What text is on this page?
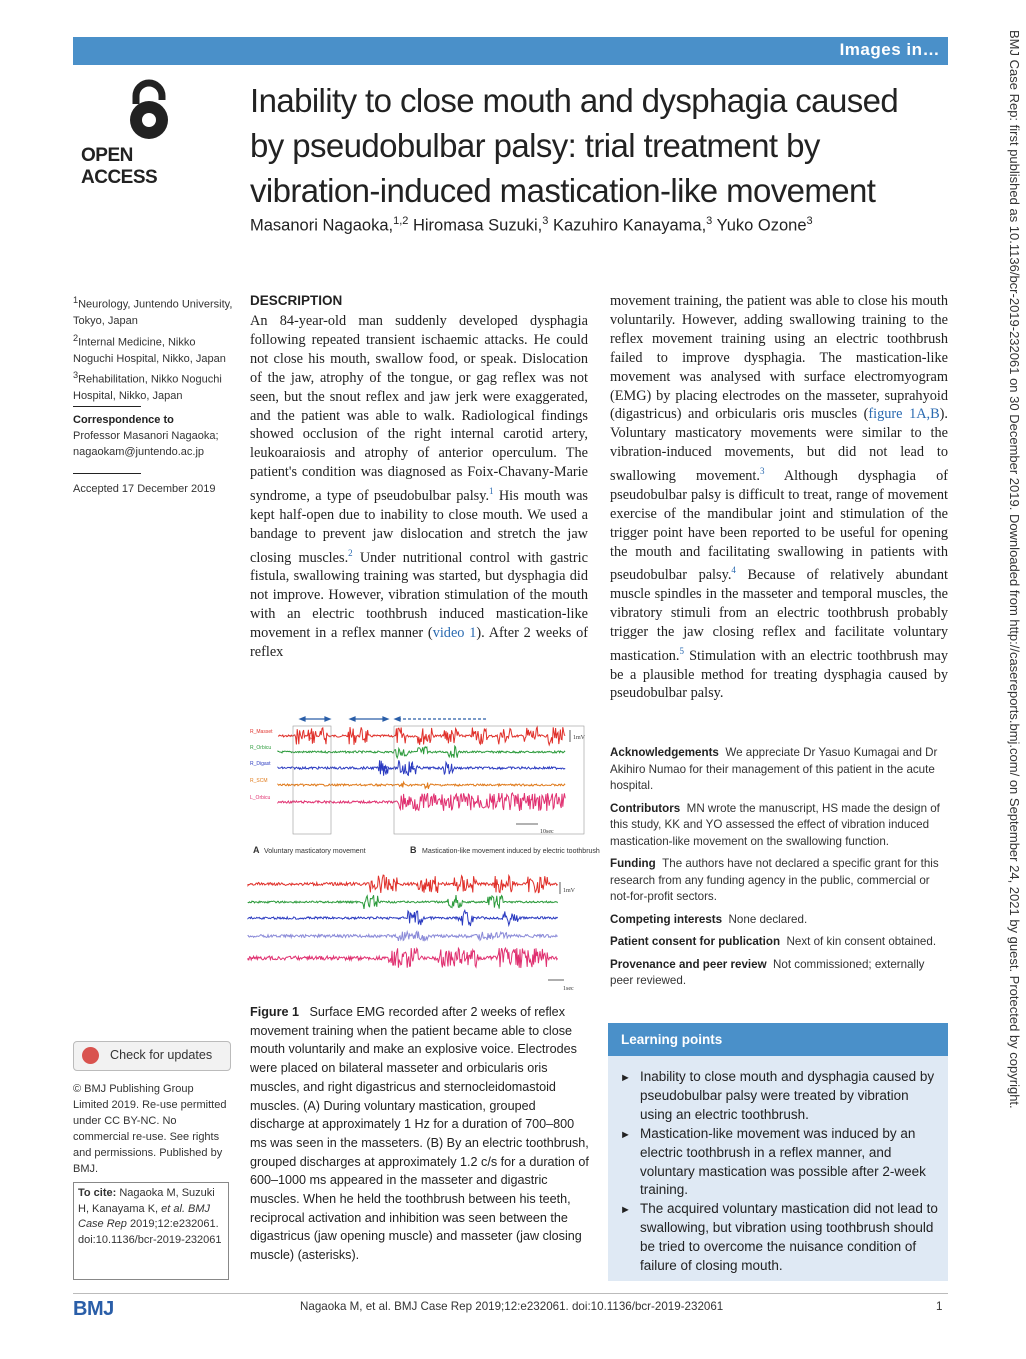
Images in…
OPEN ACCESS
Inability to close mouth and dysphagia caused by pseudobulbar palsy: trial treatment by vibration-induced mastication-like movement
Masanori Nagaoka,$^{1,2}$ Hiromasa Suzuki,$^3$ Kazuhiro Kanayama,$^3$ Yuko Ozone$^3$

$^1$Neurology, Juntendo University, Tokyo, Japan

$^2$Internal Medicine, Nikko Noguchi Hospital, Nikko, Japan

$^3$Rehabilitation, Nikko Noguchi Hospital, Nikko, Japan

Correspondence to
Professor Masanori Nagaoka;
nagaokam@juntendo.ac.jp
Accepted 17 December 2019
DESCRIPTION
An 84-year-old man suddenly developed dysphagia following repeated transient ischaemic attacks. He could not close his mouth, swallow food, or speak. Dislocation of the jaw, atrophy of the tongue, or gag reflex was not seen, but the snout reflex and jaw jerk were exaggerated, and the patient was able to walk. Radiological findings showed occlusion of the right internal carotid artery, leukoaraiosis and atrophy of anterior operculum. The patient's condition was diagnosed as Foix-Chavany-Marie syndrome, a type of pseudobulbar palsy.$^1$ His mouth was kept half-open due to inability to close mouth. We used a bandage to prevent jaw dislocation and stretch the jaw closing muscles.$^2$ Under nutritional control with gastric fistula, swallowing training was started, but dysphagia did not improve. However, vibration stimulation of the mouth with an electric toothbrush induced mastication-like movement in a reflex manner (video 1). After 2 weeks of reflex
R_Masset
R_Orbicu
R_Digast
R_SCM
L_Orbicu
★ ★
*	1mV
10sec
A Voluntary masticatory movement	B Mastication-like movement induced by electric toothbrush
1mV
1sec
Figure 1 Surface EMG recorded after 2 weeks of reflex movement training when the patient became able to close mouth voluntarily and make an explosive voice. Electrodes were placed on bilateral masseter and orbicularis oris muscles, and right digastricus and sternocleidomastoid muscles. (A) During voluntary mastication, grouped discharge at approximately 1 Hz for a duration of 700–800 ms was seen in the masseters. (B) By an electric toothbrush, grouped discharges at approximately 1.2 c/s for a duration of 600–1000 ms appeared in the masseter and digastric muscles. When he held the toothbrush between his teeth, reciprocal activation and inhibition was seen between the digastricus (jaw opening muscle) and masseter (jaw closing muscle) (asterisks).
movement training, the patient was able to close his mouth voluntarily. However, adding swallowing training to the reflex movement training using an electric toothbrush failed to improve dysphagia. The mastication-like movement was analysed with surface electromyogram (EMG) by placing electrodes on the masseter, suprahyoid (digastricus) and orbicularis oris muscles (figure 1A,B). Voluntary masticatory movements were similar to the vibration-induced movements, but did not lead to swallowing movement.$^3$ Although dysphagia of pseudobulbar palsy is difficult to treat, range of movement exercise of the mandibular joint and stimulation of the trigger point have been reported to be useful for opening the mouth and facilitating swallowing in patients with pseudobulbar palsy.$^4$ Because of relatively abundant muscle spindles in the masseter and temporal muscles, the vibratory stimuli from an electric toothbrush probably trigger the jaw closing reflex and facilitate voluntary mastication.$^5$ Stimulation with an electric toothbrush may be a plausible method for treating dysphagia caused by pseudobulbar palsy.

Acknowledgements We appreciate Dr Yasuo Kumagai and Dr Akihiro Numao for their management of this patient in the acute hospital.

Contributors MN wrote the manuscript, HS made the design of this study, KK and YO assessed the effect of vibration induced mastication-like movement on the swallowing function.

Funding The authors have not declared a specific grant for this research from any funding agency in the public, commercial or not-for-profit sectors.

Competing interests None declared.

Patient consent for publication Next of kin consent obtained.

Provenance and peer review Not commissioned; externally peer reviewed.

Learning points
► Inability to close mouth and dysphagia caused by pseudobulbar palsy were treated by vibration using an electric toothbrush.
► Mastication-like movement was induced by an electric toothbrush in a reflex manner, and voluntary mastication was possible after 2-week training.
► The acquired voluntary mastication did not lead to swallowing, but vibration using toothbrush should be tried to overcome the nuisance condition of failure of closing mouth.
Check for updates
© BMJ Publishing Group Limited 2019. Re-use permitted under CC BY-NC. No commercial re-use. See rights and permissions. Published by BMJ.
To cite: Nagaoka M, Suzuki H, Kanayama K, et al. BMJ Case Rep 2019;12:e232061. doi:10.1136/bcr-2019-232061
BMJ	Nagaoka M, et al. BMJ Case Rep 2019;12:e232061. doi:10.1136/bcr-2019-232061	1
BMJ Case Rep: first published as 10.1136/bcr-2019-232061 on 30 December 2019. Downloaded from http://casereports.bmj.com/ on September 24, 2021 by guest. Protected by copyright.
